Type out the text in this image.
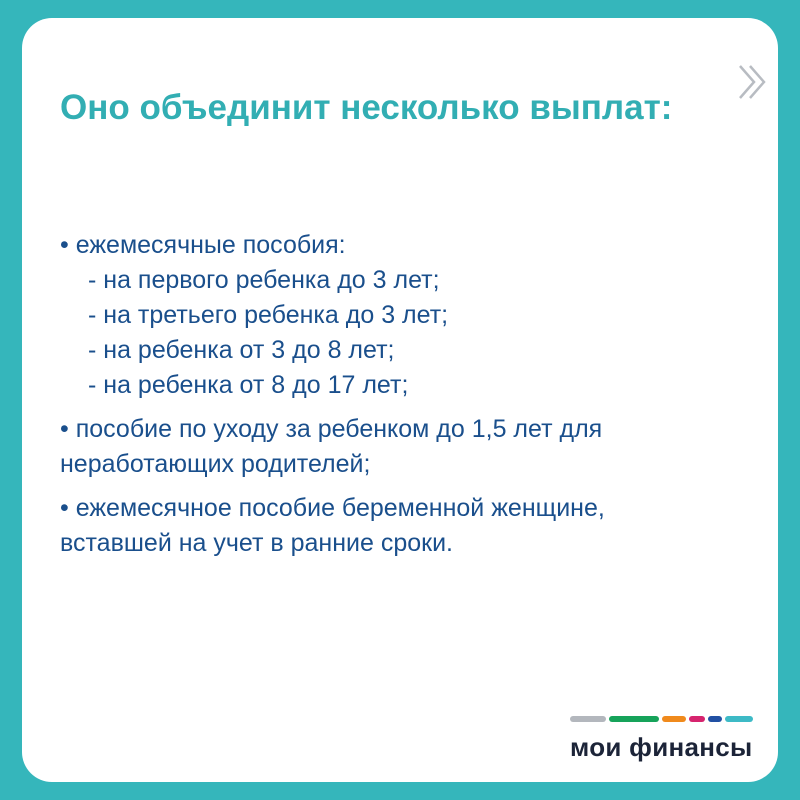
Оно объединит несколько выплат:
• ежемесячные пособия:
- на первого ребенка до 3 лет;
- на третьего ребенка до 3 лет;
- на ребенка от 3 до 8 лет;
- на ребенка от 8 до 17 лет;
• пособие по уходу за ребенком до 1,5 лет для
неработающих родителей;
• ежемесячное пособие беременной женщине,
вставшей на учет в ранние сроки.
мои финансы
